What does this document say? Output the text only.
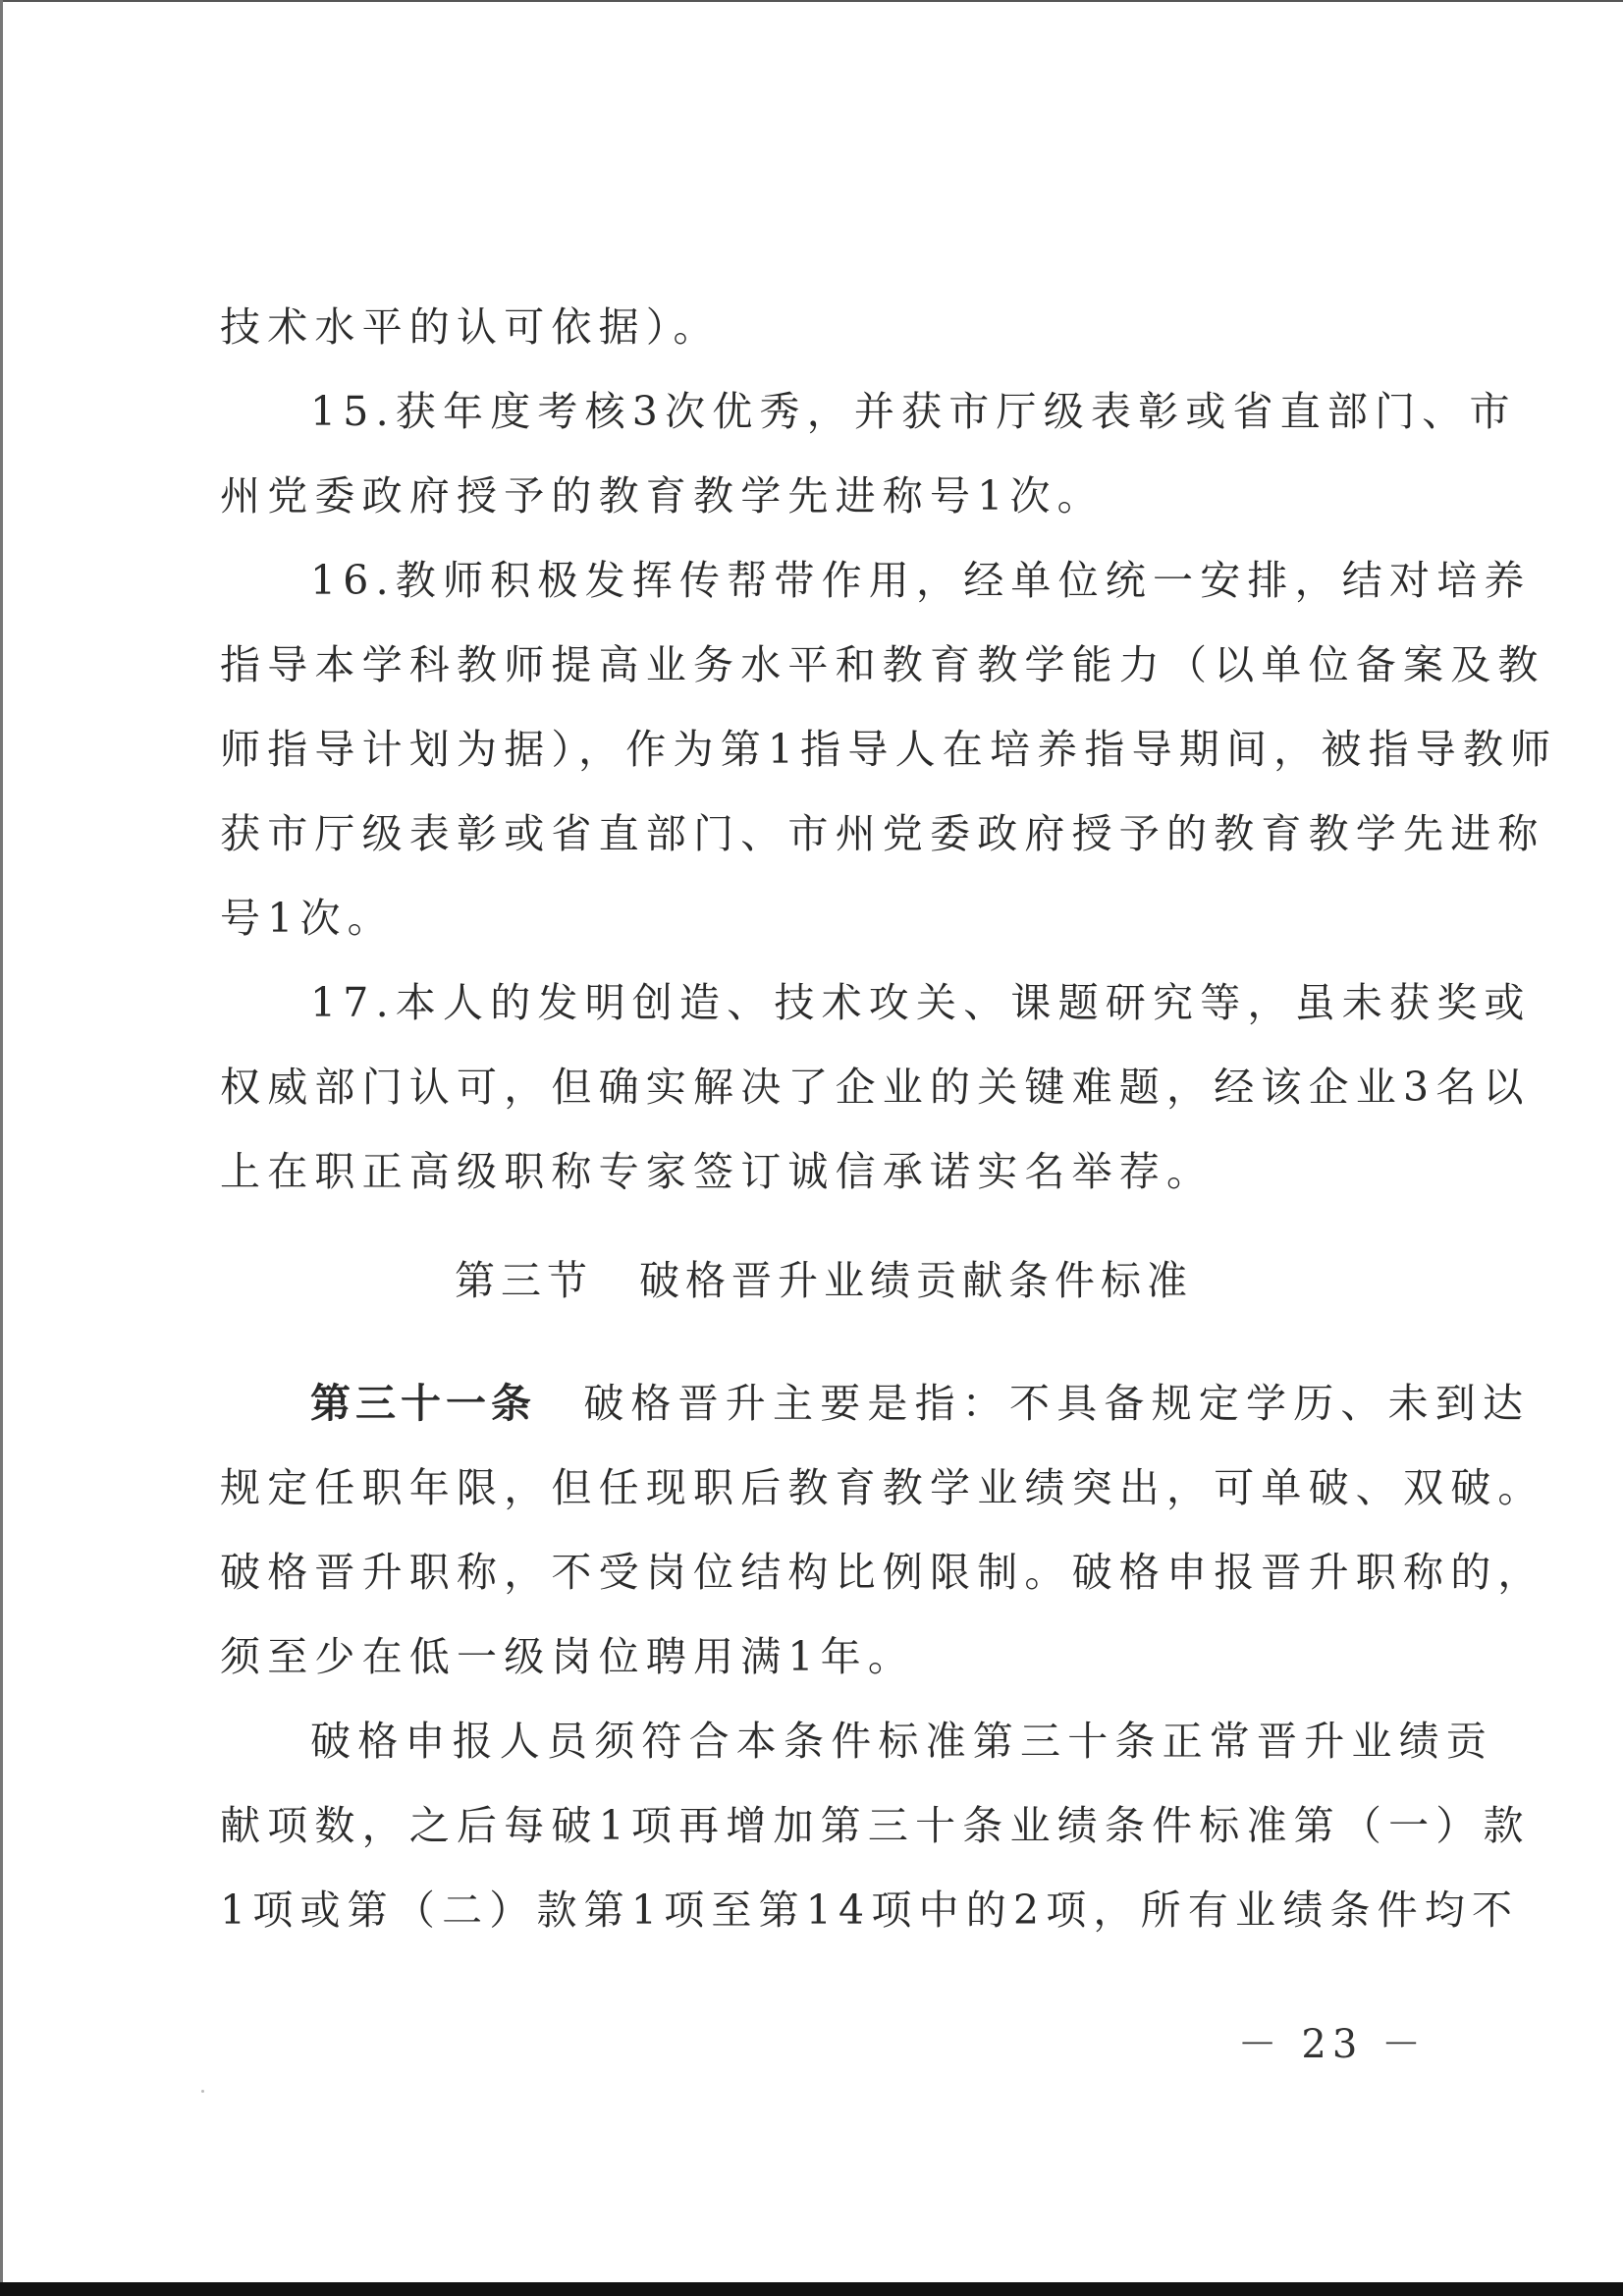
技术水平的认可依据）。
15.获年度考核3次优秀，并获市厅级表彰或省直部门、市
州党委政府授予的教育教学先进称号1次。
16.教师积极发挥传帮带作用，经单位统一安排，结对培养
指导本学科教师提高业务水平和教育教学能力（以单位备案及教
师指导计划为据），作为第1指导人在培养指导期间，被指导教师
获市厅级表彰或省直部门、市州党委政府授予的教育教学先进称
号1次。
17.本人的发明创造、技术攻关、课题研究等，虽未获奖或
权威部门认可，但确实解决了企业的关键难题，经该企业3名以
上在职正高级职称专家签订诚信承诺实名举荐。
第三节　破格晋升业绩贡献条件标准
第三十一条　破格晋升主要是指：不具备规定学历、未到达
规定任职年限，但任现职后教育教学业绩突出，可单破、双破。
破格晋升职称，不受岗位结构比例限制。破格申报晋升职称的，
须至少在低一级岗位聘用满1年。
破格申报人员须符合本条件标准第三十条正常晋升业绩贡
献项数，之后每破1项再增加第三十条业绩条件标准第（一）款
1项或第（二）款第1项至第14项中的2项，所有业绩条件均不
－ 23 －
